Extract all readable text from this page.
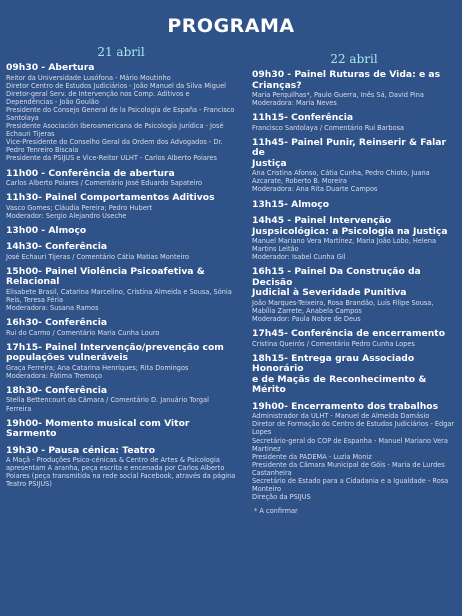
PROGRAMA
21 abril
09h30 - Abertura
Reitor da Universidade Lusófona - Mário Moutinho
Diretor Centro de Estudos Judiciários - João Manuel da Silva Miguel
Diretor-geral Serv. de Intervenção nos Comp. Aditivos e Dependências - João Goulão
Presidente do Consejo General de la Psicología de España - Francisco Santolaya
Presidente Asociación Iberoamericana de Psicología Jurídica - José Echauri Tijeras
Vice-Presidente do Conselho Geral da Ordem dos Advogados - Dr. Pedro Tenreiro Biscaia
Presidente da PSIJUS e Vice-Reitor ULHT - Carlos Alberto Poiares
11h00 - Conferência de abertura
Carlos Alberto Poiares / Comentário José Eduardo Sapateiro
11h30- Painel Comportamentos Aditivos
Vasco Gomes; Cláudia Pereira; Pedro Hubert
Moderador: Sergio Alejandro Useche
13h00 - Almoço
14h30- Conferência
José Echauri Tijeras / Comentário Cátia Matias Monteiro
15h00- Painel Violência Psicoafetiva &
Relacional
Elisabete Brasil, Catarina Marcelino, Cristina Almeida e Sousa, Sónia Reis, Teresa Féria
Moderadora: Susana Ramos
16h30- Conferência
Rui do Carmo / Comentário Maria Cunha Louro
17h15- Painel Intervenção/prevenção com
populações vulneráveis
Graça Ferreira; Ana Catarina Henriques; Rita Domingos
Moderadora: Fátima Tremoço
18h30- Conferência
Stella Bettencourt da Câmara / Comentário D. Januário Torgal Ferreira
19h00- Momento musical com Vitor Sarmento
19h30 - Pausa cénica: Teatro
A Maçã - Produções Psico-cénicas & Centro de Artes & Psicologia apresentam A aranha, peça escrita e encenada por Carlos Alberto Poiares (peça transmitida na rede social Facebook, através da página Teatro PSIJUS)
22 abril
09h30 - Painel Ruturas de Vida: e as
Crianças?
Maria Perquilhas*, Paulo Guerra, Inês Sá, David Pina
Moderadora: Maria Neves
11h15- Conferência
Francisco Santolaya / Comentário Rui Barbosa
11h45- Painel Punir, Reinserir & Falar de
Justiça
Ana Cristina Afonso, Cátia Cunha, Pedro Chioto, Juana Azcarate, Roberto B. Moreira
Moderadora: Ana Rita Duarte Campos
13h15- Almoço
14h45 - Painel Intervenção
Juspsicológica: a Psicologia na Justiça
Manuel Mariano Vera Martínez, Maria João Lobo, Helena Martins Leitão
Moderador: Isabel Cunha Gil
16h15 - Painel Da Construção da Decisão
Judicial à Severidade Punitiva
João Marques-Teixeira, Rosa Brandão, Luís Filipe Sousa, Mabília Zarrete, Anabela Campos
Moderador: Paula Nobre de Deus
17h45- Conferência de encerramento
Cristina Queirós / Comentário Pedro Cunha Lopes
18h15- Entrega grau Associado Honorário
e de Maçãs de Reconhecimento & Mérito
19h00- Encerramento dos trabalhos
Administrador da ULHT - Manuel de Almeida Damásio
Diretor de Formação do Centro de Estudos Judiciários - Edgar Lopes
Secretário-geral do COP de Espanha - Manuel Mariano Vera Martinez
Presidente da PADEMA - Luzia Moniz
Presidente da Câmara Municipal de Góis - Maria de Lurdes Castanheira
Secretário de Estado para a Cidadania e a Igualdade - Rosa Monteiro
Direção da PSIJUS
* A confirmar
